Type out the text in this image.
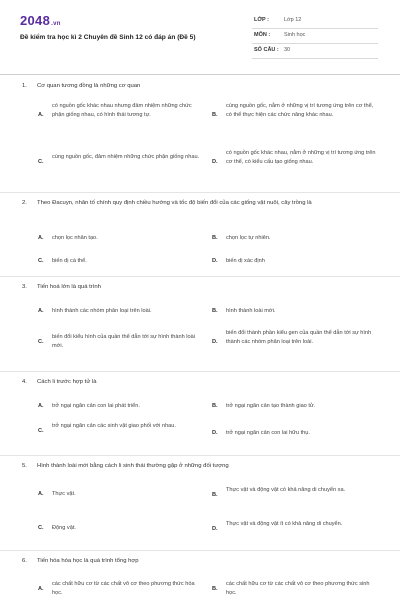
2048.vn
Đề kiểm tra học kì 2 Chuyên đề Sinh 12 có đáp án (Đề 5)
LỚP :	Lớp 12
MÔN :	Sinh học
SỐ CÂU : 30
1. Cơ quan tương đồng là những cơ quan
A.
có nguồn gốc khác nhau nhưng đảm nhiệm những chức phận giống nhau, có hình thái tương tự.	B.
cùng nguồn gốc, nằm ở những vị trí tương ứng trên cơ thể, có thể thực hiện các chức năng khác nhau.
C.
cùng nguồn gốc, đảm nhiệm những chức phận giống nhau.
D.
có nguồn gốc khác nhau, nằm ở những vị trí tương ứng trên cơ thể, có kiểu cấu tạo giống nhau.
2. Theo Đacuyn, nhân tố chính quy định chiều hướng và tốc độ biến đổi của các giống vật nuôi, cây trồng là
A. chọn lọc nhân tạo.	B. chọn lọc tự nhiên.
C. biến dị cá thể.	D. biến dị xác định
3. Tiến hoá lớn là quá trình
A. hình thành các nhóm phân loại trên loài.	B. hình thành loài mới.
C.
biến đổi kiểu hình của quần thể dẫn tới sự hình thành loài mới.
D.
biến đổi thành phần kiểu gen của quần thể dẫn tới sự hình thành các nhóm phân loại trên loài.
4. Cách li trước hợp tử là
A. trở ngại ngăn cản con lai phát triển.	B. trở ngại ngăn cản tạo thành giao tử.
C.
trở ngại ngăn cản các sinh vật giao phối với nhau.
D. trở ngại ngăn cản con lai hữu thụ.
5. Hình thành loài mới bằng cách li sinh thái thường gặp ở những đối tượng
A. Thực vật.	B.
Thực vật và động vật có khả năng di chuyển xa.
C. Động vật.	D.
Thực vật và động vật ít có khả năng di chuyển.
6. Tiến hóa hóa học là quá trình tổng hợp
A.
các chất hữu cơ từ các chất vô cơ theo phương thức hóa học.
B.
các chất hữu cơ từ các chất vô cơ theo phương thức sinh học.
